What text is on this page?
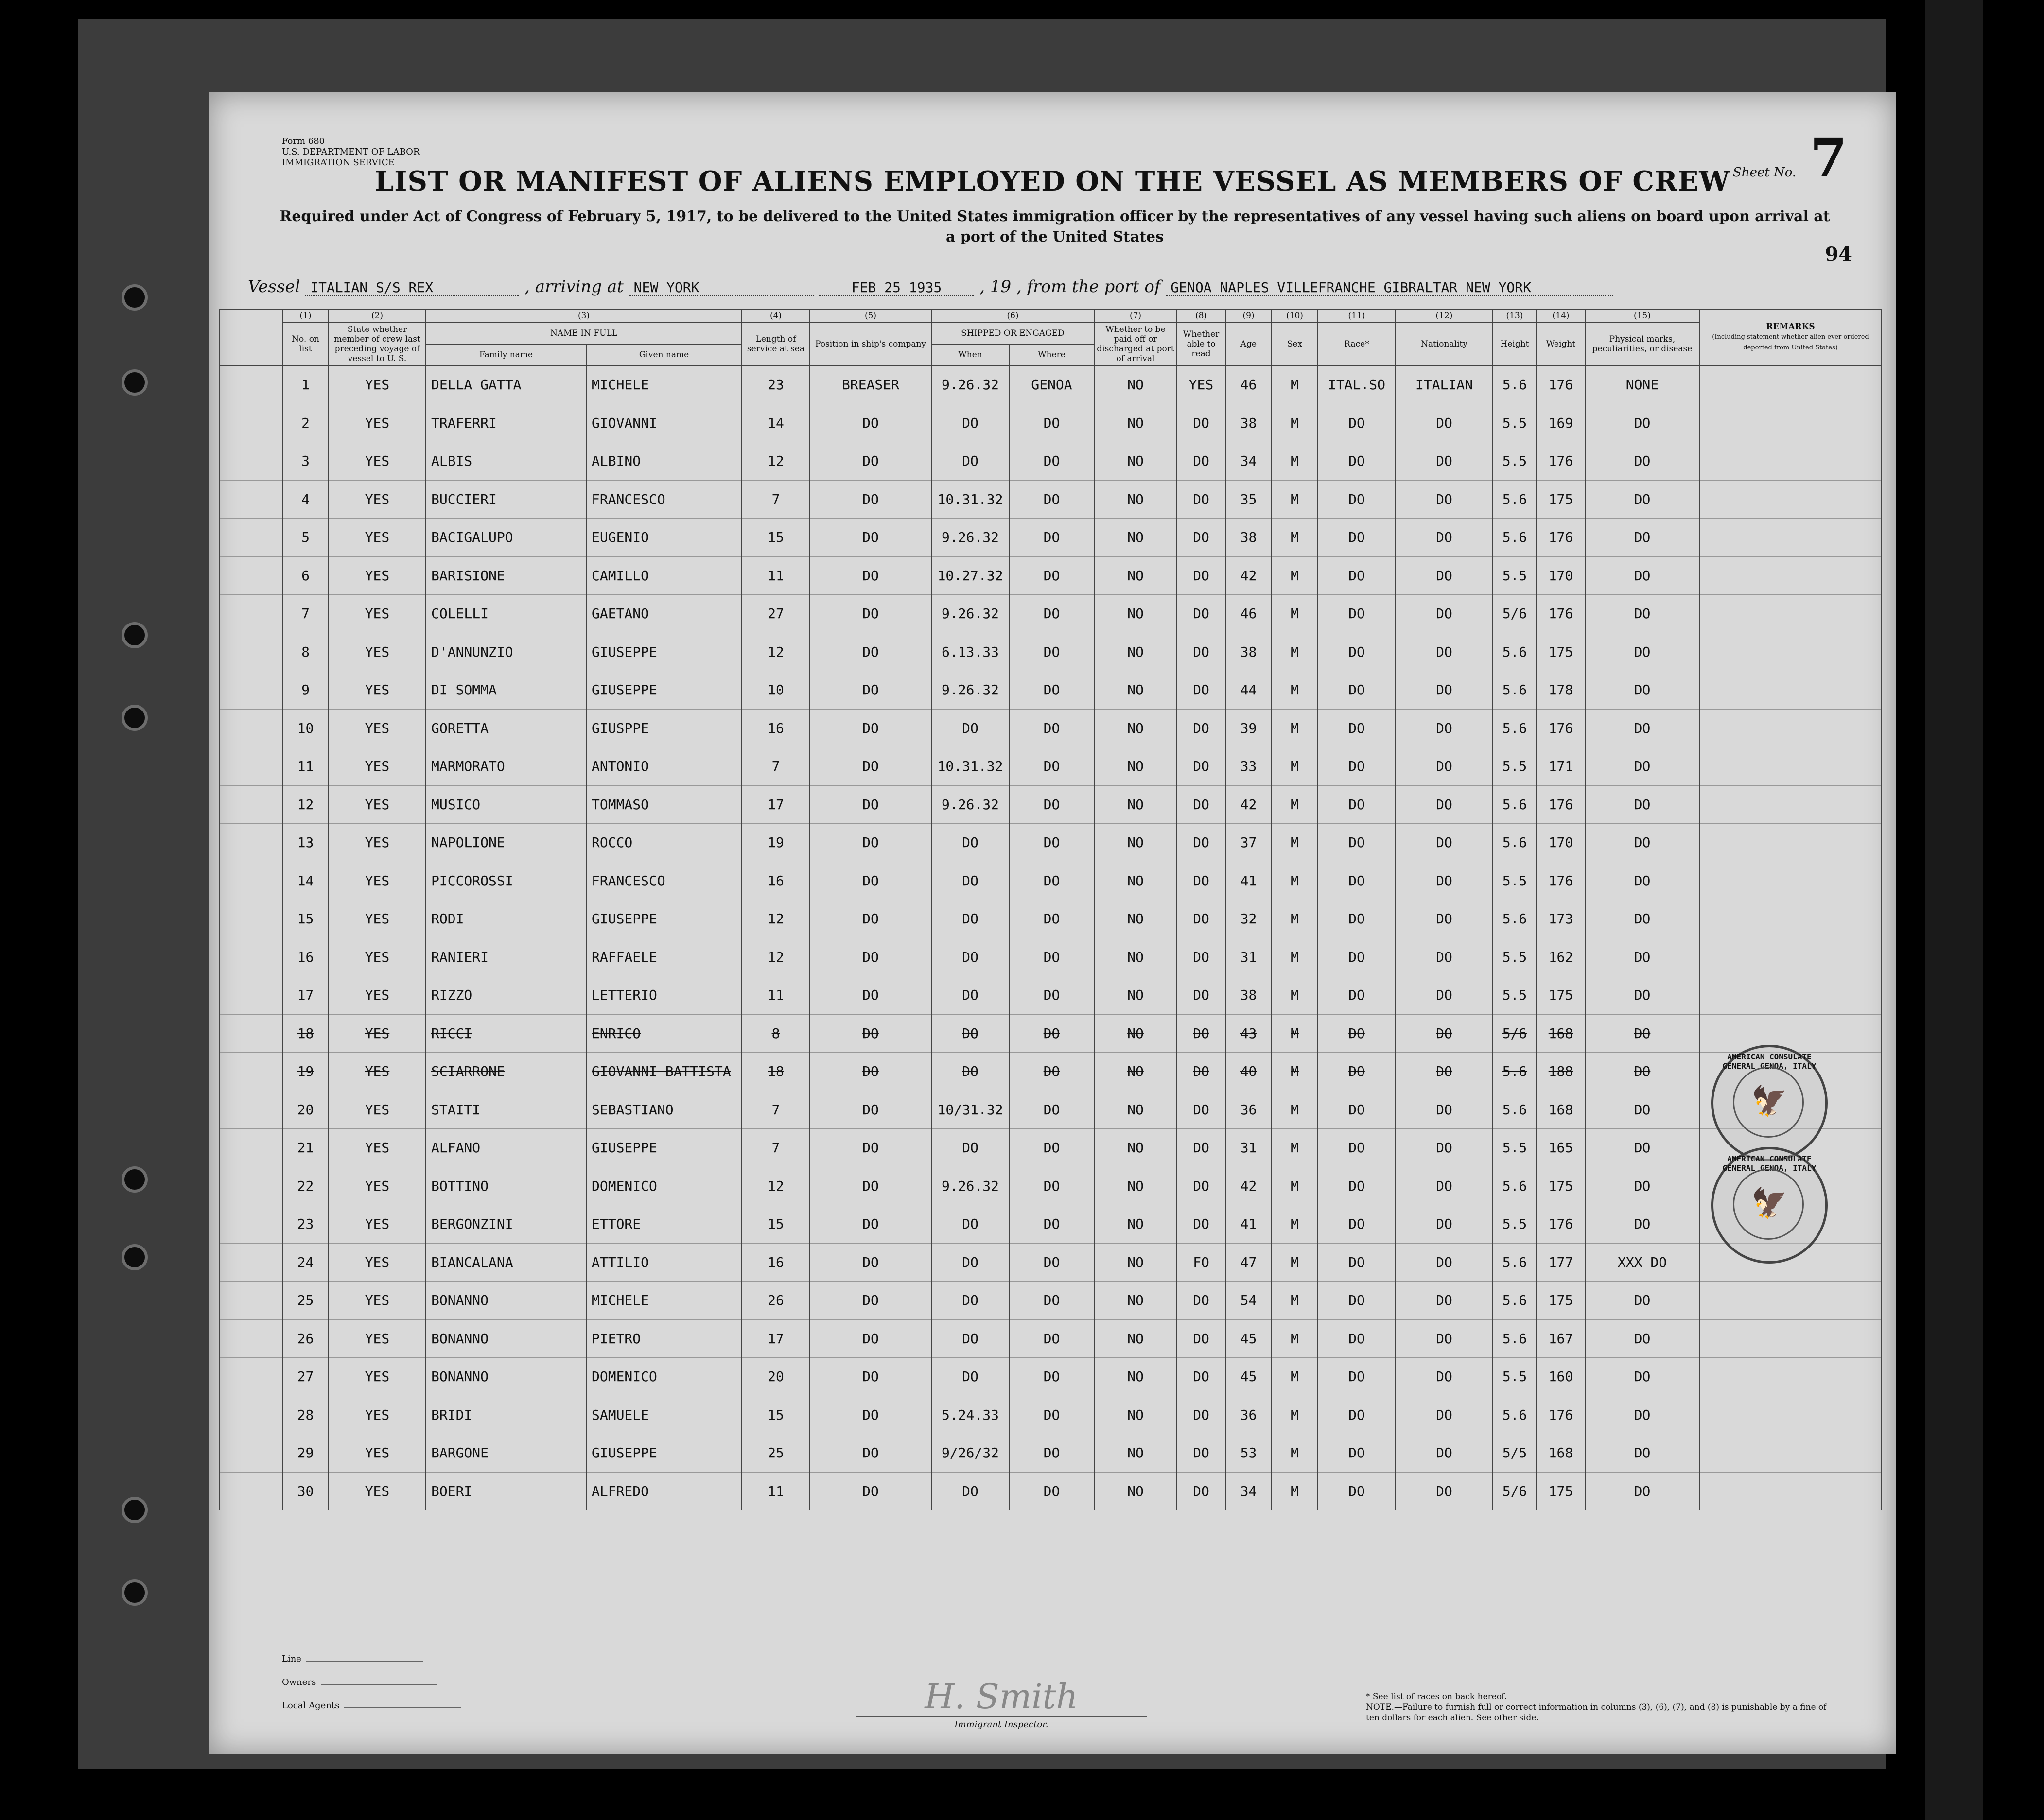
Form 680
U.S. DEPARTMENT OF LABOR
IMMIGRATION SERVICE
Sheet No. 7
LIST OR MANIFEST OF ALIENS EMPLOYED ON THE VESSEL AS MEMBERS OF CREW
Required under Act of Congress of February 5, 1917, to be delivered to the United States immigration officer by the representatives of any vessel having such aliens on board upon arrival at a port of the United States
94
Vessel ITALIAN S/S REX	, arriving at NEW YORK	FEB 25 1935 , 19 , from the port of GENOA NAPLES VILLEFRANCHE GIBRALTAR NEW YORK
	(1)	(2)	(3)		(4)	(5)	(6)		(7)	(8)	(9)	(10)	(11)	(12)	(13)	(14)	(15)	REMARKS
(Including statement whether alien ever ordered deported from United States)
	No. on list	State whether member of crew last preceding voyage of vessel to U. S.	NAME IN FULL		Length of service at sea	Position in ship's company	SHIPPED OR ENGAGED		Whether to be paid off or discharged at port of arrival	Whether able to read	Age	Sex	Race*	Nationality	Height	Weight	Physical marks, peculiarities, or disease	
			Family name	Given name			When	Where										
	1	YES	DELLA GATTA	MICHELE	23	BREASER	9.26.32	GENOA	NO	YES	46	M	ITAL.SO	ITALIAN	5.6	176	NONE	
	2	YES	TRAFERRI	GIOVANNI	14	DO	DO	DO	NO	DO	38	M	DO	DO	5.5	169	DO	
	3	YES	ALBIS	ALBINO	12	DO	DO	DO	NO	DO	34	M	DO	DO	5.5	176	DO	
	4	YES	BUCCIERI	FRANCESCO	7	DO	10.31.32	DO	NO	DO	35	M	DO	DO	5.6	175	DO	
	5	YES	BACIGALUPO	EUGENIO	15	DO	9.26.32	DO	NO	DO	38	M	DO	DO	5.6	176	DO	
	6	YES	BARISIONE	CAMILLO	11	DO	10.27.32	DO	NO	DO	42	M	DO	DO	5.5	170	DO	
	7	YES	COLELLI	GAETANO	27	DO	9.26.32	DO	NO	DO	46	M	DO	DO	5/6	176	DO	
	8	YES	D'ANNUNZIO	GIUSEPPE	12	DO	6.13.33	DO	NO	DO	38	M	DO	DO	5.6	175	DO	
	9	YES	DI SOMMA	GIUSEPPE	10	DO	9.26.32	DO	NO	DO	44	M	DO	DO	5.6	178	DO	
	10	YES	GORETTA	GIUSPPE	16	DO	DO	DO	NO	DO	39	M	DO	DO	5.6	176	DO	
	11	YES	MARMORATO	ANTONIO	7	DO	10.31.32	DO	NO	DO	33	M	DO	DO	5.5	171	DO	
	12	YES	MUSICO	TOMMASO	17	DO	9.26.32	DO	NO	DO	42	M	DO	DO	5.6	176	DO	
	13	YES	NAPOLIONE	ROCCO	19	DO	DO	DO	NO	DO	37	M	DO	DO	5.6	170	DO	
	14	YES	PICCOROSSI	FRANCESCO	16	DO	DO	DO	NO	DO	41	M	DO	DO	5.5	176	DO	
	15	YES	RODI	GIUSEPPE	12	DO	DO	DO	NO	DO	32	M	DO	DO	5.6	173	DO	
	16	YES	RANIERI	RAFFAELE	12	DO	DO	DO	NO	DO	31	M	DO	DO	5.5	162	DO	
	17	YES	RIZZO	LETTERIO	11	DO	DO	DO	NO	DO	38	M	DO	DO	5.5	175	DO	
	18	YES	RICCI	ENRICO	8	DO	DO	DO	NO	DO	43	M	DO	DO	5/6	168	DO	
	19	YES	SCIARRONE	GIOVANNI BATTISTA	18	DO	DO	DO	NO	DO	40	M	DO	DO	5.6	188	DO	
	20	YES	STAITI	SEBASTIANO	7	DO	10/31.32	DO	NO	DO	36	M	DO	DO	5.6	168	DO	
	21	YES	ALFANO	GIUSEPPE	7	DO	DO	DO	NO	DO	31	M	DO	DO	5.5	165	DO	
	22	YES	BOTTINO	DOMENICO	12	DO	9.26.32	DO	NO	DO	42	M	DO	DO	5.6	175	DO	
	23	YES	BERGONZINI	ETTORE	15	DO	DO	DO	NO	DO	41	M	DO	DO	5.5	176	DO	
	24	YES	BIANCALANA	ATTILIO	16	DO	DO	DO	NO	FO	47	M	DO	DO	5.6	177	XXX DO	
	25	YES	BONANNO	MICHELE	26	DO	DO	DO	NO	DO	54	M	DO	DO	5.6	175	DO	
	26	YES	BONANNO	PIETRO	17	DO	DO	DO	NO	DO	45	M	DO	DO	5.6	167	DO	
	27	YES	BONANNO	DOMENICO	20	DO	DO	DO	NO	DO	45	M	DO	DO	5.5	160	DO	
	28	YES	BRIDI	SAMUELE	15	DO	5.24.33	DO	NO	DO	36	M	DO	DO	5.6	176	DO	
	29	YES	BARGONE	GIUSEPPE	25	DO	9/26/32	DO	NO	DO	53	M	DO	DO	5/5	168	DO	
	30	YES	BOERI	ALFREDO	11	DO	DO	DO	NO	DO	34	M	DO	DO	5/6	175	DO	
AMERICAN CONSULATE GENERAL GENOA, ITALY
🦅
AMERICAN CONSULATE GENERAL GENOA, ITALY
🦅
Line
Owners
Local Agents	H. Smith
Immigrant Inspector.
* See list of races on back hereof.
NOTE.—Failure to furnish full or correct information in columns (3), (6), (7), and (8) is punishable by a fine of ten dollars for each alien. See other side.
